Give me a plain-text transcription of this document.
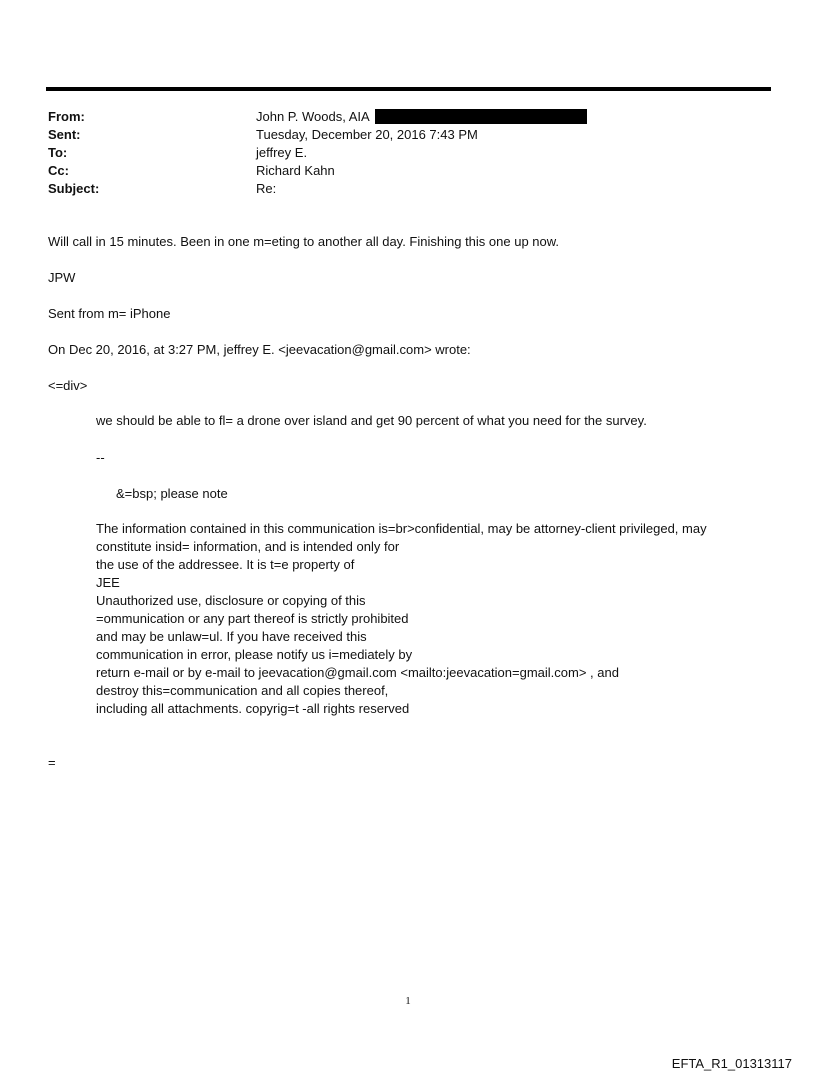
From:	John P. Woods, AIA
Sent:	Tuesday, December 20, 2016 7:43 PM
To:	jeffrey E.
Cc:	Richard Kahn
Subject:	Re:
Will call in 15 minutes. Been in one m=eting to another all day. Finishing this one up now.
JPW
Sent from m= iPhone
On Dec 20, 2016, at 3:27 PM, jeffrey E. <jeevacation@gmail.com> wrote:
<=div>
we should be able to fl= a drone over island and get 90 percent of what you need for the survey.
--
&=bsp; please note
The information contained in this communication is=br>confidential, may be attorney-client privileged, may
constitute insid= information, and is intended only for
the use of the addressee. It is t=e property of
JEE
Unauthorized use, disclosure or copying of this
=ommunication or any part thereof is strictly prohibited
and may be unlaw=ul. If you have received this
communication in error, please notify us i=mediately by
return e-mail or by e-mail to jeevacation@gmail.com <mailto:jeevacation=gmail.com> , and
destroy this=communication and all copies thereof,
including all attachments. copyrig=t -all rights reserved
=
1
EFTA_R1_01313117
